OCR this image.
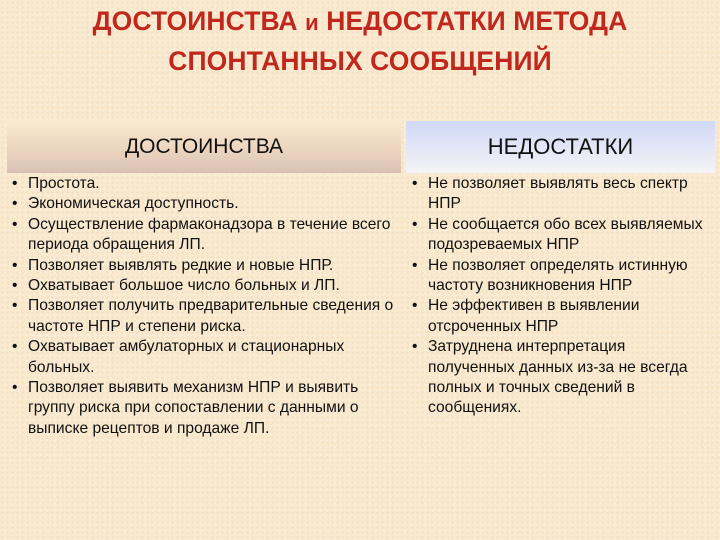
ДОСТОИНСТВА и НЕДОСТАТКИ МЕТОДА
СПОНТАННЫХ СООБЩЕНИЙ
ДОСТОИНСТВА	НЕДОСТАТКИ
• Простота.
• Экономическая доступность.
• Осуществление фармаконадзора в течение всего периода обращения ЛП.
• Позволяет выявлять редкие и новые НПР.
• Охватывает большое число больных и ЛП.
• Позволяет получить предварительные сведения о частоте НПР и степени риска.
• Охватывает амбулаторных и стационарных больных.
• Позволяет выявить механизм НПР и выявить группу риска при сопоставлении с данными о выписке рецептов и продаже ЛП.
• Не позволяет выявлять весь спектр НПР
• Не сообщается обо всех выявляемых подозреваемых НПР
• Не позволяет определять истинную частоту возникновения НПР
• Не эффективен в выявлении отсроченных НПР
• Затруднена интерпретация полученных данных из-за не всегда полных и точных сведений в сообщениях.
